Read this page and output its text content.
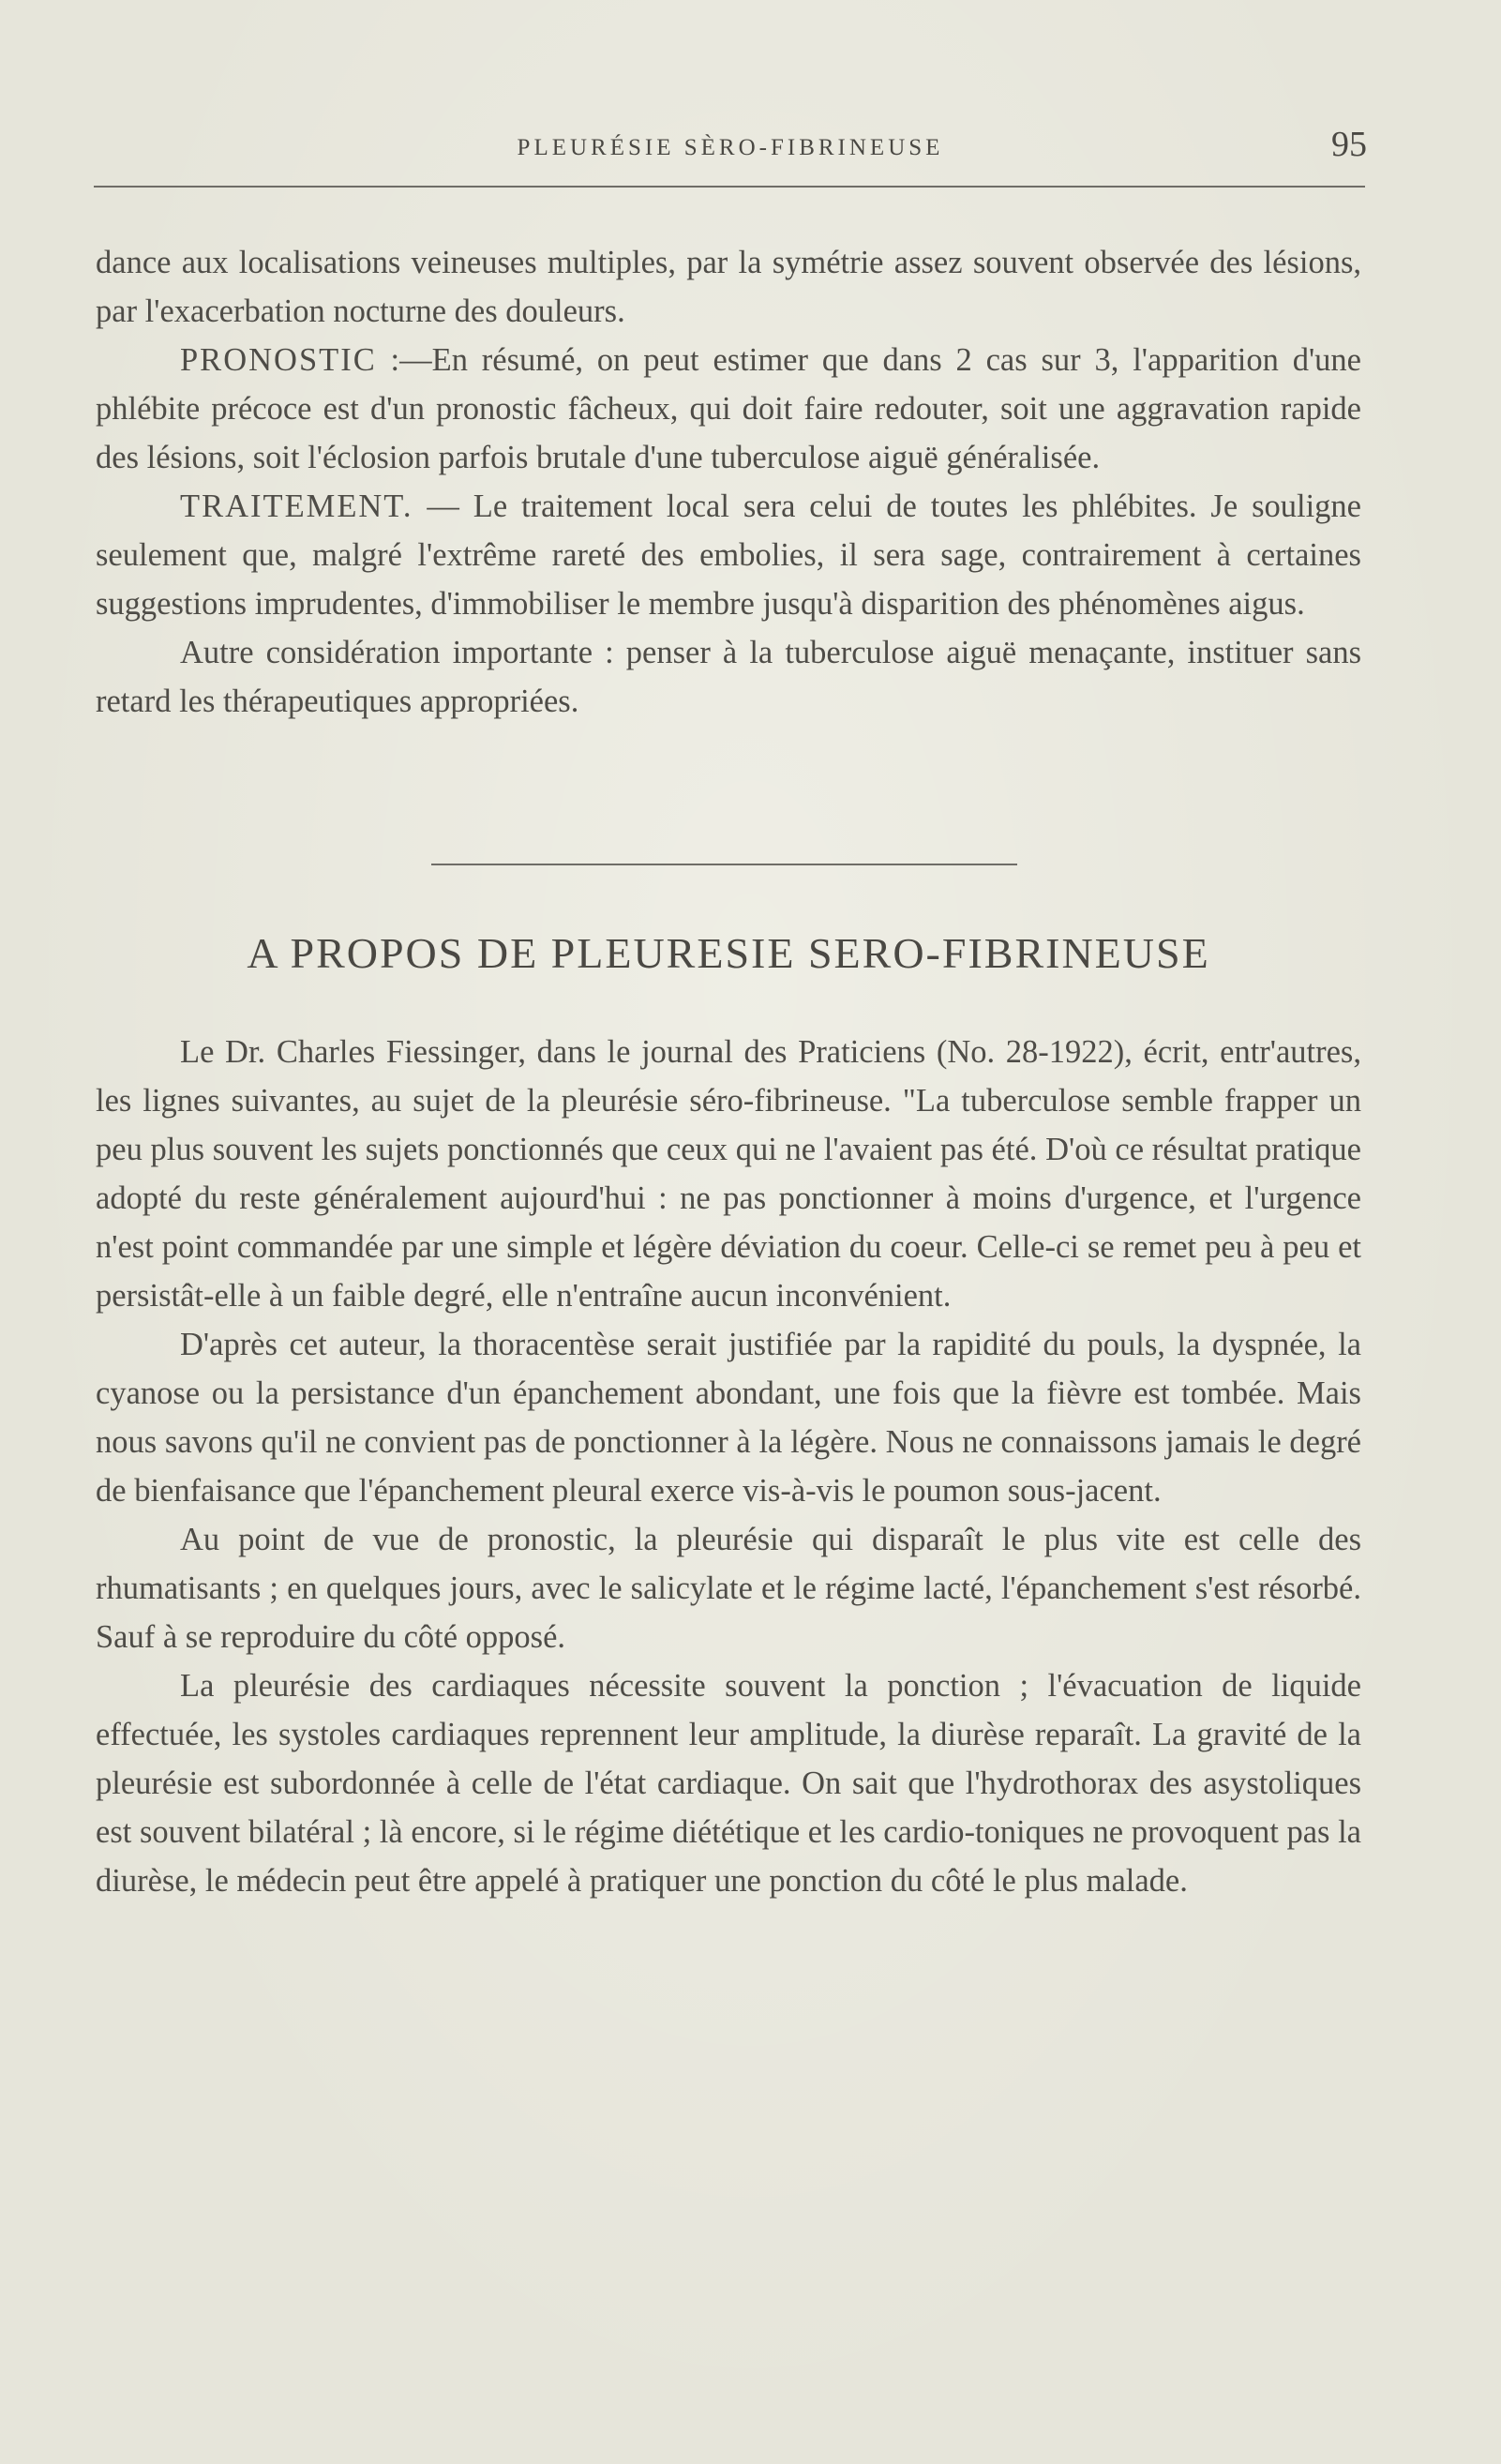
PLEURÉSIE SÈRO-FIBRINEUSE	95

dance aux localisations veineuses multiples, par la symétrie assez souvent observée des lésions, par l'exacerbation nocturne des douleurs.

PRONOSTIC :—En résumé, on peut estimer que dans 2 cas sur 3, l'apparition d'une phlébite précoce est d'un pronostic fâcheux, qui doit faire redouter, soit une aggravation rapide des lésions, soit l'éclosion parfois brutale d'une tuberculose aiguë généralisée.

TRAITEMENT. — Le traitement local sera celui de toutes les phlébites. Je souligne seulement que, malgré l'extrême rareté des embolies, il sera sage, contrairement à certaines suggestions imprudentes, d'immobiliser le membre jusqu'à disparition des phénomènes aigus.

Autre considération importante : penser à la tuberculose aiguë menaçante, instituer sans retard les thérapeutiques appropriées.

A PROPOS DE PLEURESIE SERO-FIBRINEUSE

Le Dr. Charles Fiessinger, dans le journal des Praticiens (No. 28-1922), écrit, entr'autres, les lignes suivantes, au sujet de la pleurésie séro-fibrineuse. "La tuberculose semble frapper un peu plus souvent les sujets ponctionnés que ceux qui ne l'avaient pas été. D'où ce résultat pratique adopté du reste généralement aujourd'hui : ne pas ponctionner à moins d'urgence, et l'urgence n'est point commandée par une simple et légère déviation du coeur. Celle-ci se remet peu à peu et persistât-elle à un faible degré, elle n'entraîne aucun inconvénient.

D'après cet auteur, la thoracentèse serait justifiée par la rapidité du pouls, la dyspnée, la cyanose ou la persistance d'un épanchement abondant, une fois que la fièvre est tombée. Mais nous savons qu'il ne convient pas de ponctionner à la légère. Nous ne connaissons jamais le degré de bienfaisance que l'épanchement pleural exerce vis-à-vis le poumon sous-jacent.

Au point de vue de pronostic, la pleurésie qui disparaît le plus vite est celle des rhumatisants ; en quelques jours, avec le salicylate et le régime lacté, l'épanchement s'est résorbé. Sauf à se reproduire du côté opposé.

La pleurésie des cardiaques nécessite souvent la ponction ; l'évacuation de liquide effectuée, les systoles cardiaques reprennent leur amplitude, la diurèse reparaît. La gravité de la pleurésie est subordonnée à celle de l'état cardiaque. On sait que l'hydrothorax des asystoliques est souvent bilatéral ; là encore, si le régime diététique et les cardio-toniques ne provoquent pas la diurèse, le médecin peut être appelé à pratiquer une ponction du côté le plus malade.
